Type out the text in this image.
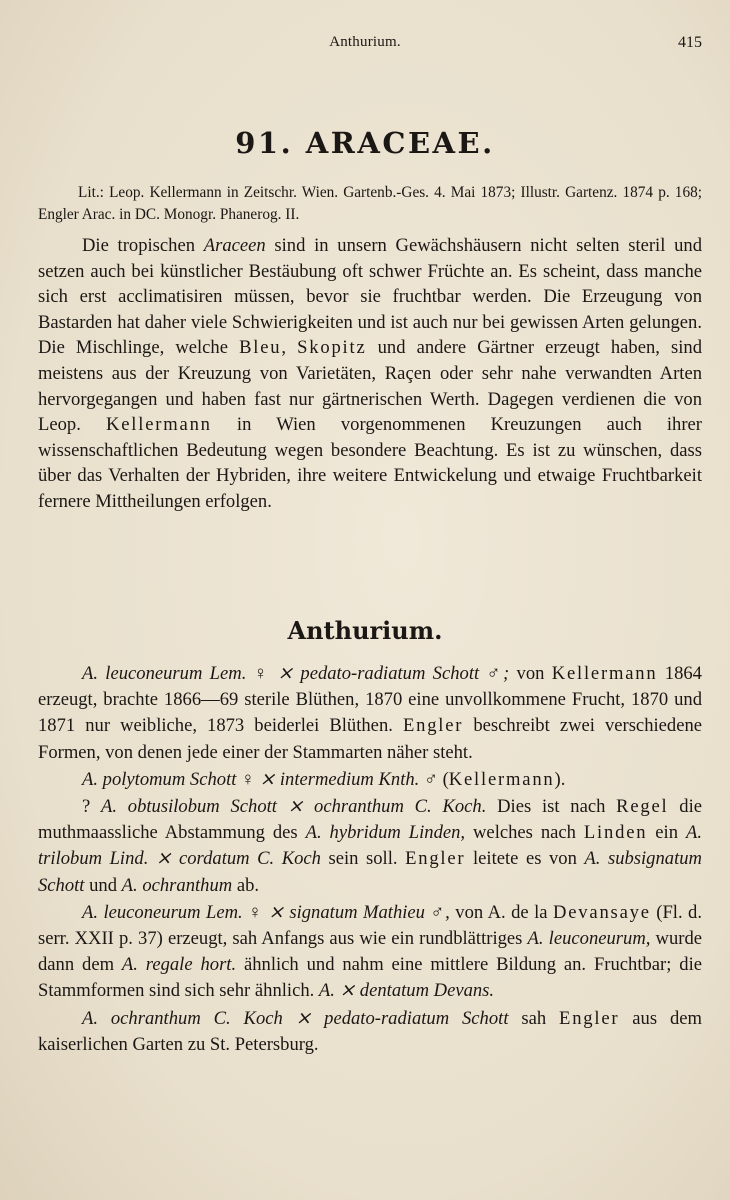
Anthurium.	415
91. ARACEAE.
Lit.: Leop. Kellermann in Zeitschr. Wien. Gartenb.-Ges. 4. Mai 1873; Illustr. Gartenz. 1874 p. 168; Engler Arac. in DC. Monogr. Phanerog. II.

Die tropischen Araceen sind in unsern Gewächshäusern nicht selten steril und setzen auch bei künstlicher Bestäubung oft schwer Früchte an. Es scheint, dass manche sich erst acclimatisiren müssen, bevor sie fruchtbar werden. Die Erzeugung von Bastarden hat daher viele Schwierigkeiten und ist auch nur bei gewissen Arten gelungen. Die Mischlinge, welche Bleu, Skopitz und andere Gärtner erzeugt haben, sind meistens aus der Kreuzung von Varietäten, Raçen oder sehr nahe verwandten Arten hervorgegangen und haben fast nur gärtnerischen Werth. Dagegen verdienen die von Leop. Kellermann in Wien vorgenommenen Kreuzungen auch ihrer wissenschaftlichen Bedeutung wegen besondere Beachtung. Es ist zu wünschen, dass über das Verhalten der Hybriden, ihre weitere Entwickelung und etwaige Fruchtbarkeit fernere Mittheilungen erfolgen.

Anthurium.

A. leuconeurum Lem. ♀ ⨯ pedato-radiatum Schott ♂; von Kellermann 1864 erzeugt, brachte 1866—69 sterile Blüthen, 1870 eine unvollkommene Frucht, 1870 und 1871 nur weibliche, 1873 beiderlei Blüthen. Engler beschreibt zwei verschiedene Formen, von denen jede einer der Stammarten näher steht.

A. polytomum Schott ♀ ⨯ intermedium Knth. ♂ (Kellermann).

? A. obtusilobum Schott ⨯ ochranthum C. Koch. Dies ist nach Regel die muthmaassliche Abstammung des A. hybridum Linden, welches nach Linden ein A. trilobum Lind. ⨯ cordatum C. Koch sein soll. Engler leitete es von A. subsignatum Schott und A. ochranthum ab.

A. leuconeurum Lem. ♀ ⨯ signatum Mathieu ♂, von A. de la Devansaye (Fl. d. serr. XXII p. 37) erzeugt, sah Anfangs aus wie ein rundblättriges A. leuconeurum, wurde dann dem A. regale hort. ähnlich und nahm eine mittlere Bildung an. Fruchtbar; die Stammformen sind sich sehr ähnlich. A. ⨯ dentatum Devans.

A. ochranthum C. Koch ⨯ pedato-radiatum Schott sah Engler aus dem kaiserlichen Garten zu St. Petersburg.
